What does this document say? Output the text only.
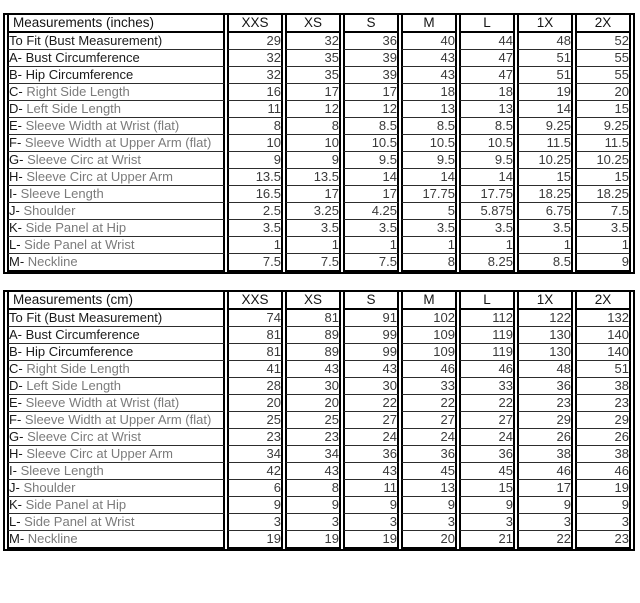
Measurements (inches)	XXS	XS	S	M	L	1X	2X
To Fit (Bust Measurement)	29	32	36	40	44	48	52
A- Bust Circumference	32	35	39	43	47	51	55
B- Hip Circumference	32	35	39	43	47	51	55
C- Right Side Length	16	17	17	18	18	19	20
D- Left Side Length	11	12	12	13	13	14	15
E- Sleeve Width at Wrist (flat)	8	8	8.5	8.5	8.5	9.25	9.25
F- Sleeve Width at Upper Arm (flat)	10	10	10.5	10.5	10.5	11.5	11.5
G- Sleeve Circ at Wrist	9	9	9.5	9.5	9.5	10.25	10.25
H- Sleeve Circ at Upper Arm	13.5	13.5	14	14	14	15	15
I- Sleeve Length	16.5	17	17	17.75	17.75	18.25	18.25
J- Shoulder	2.5	3.25	4.25	5	5.875	6.75	7.5
K- Side Panel at Hip	3.5	3.5	3.5	3.5	3.5	3.5	3.5
L- Side Panel at Wrist	1	1	1	1	1	1	1
M- Neckline	7.5	7.5	7.5	8	8.25	8.5	9
Measurements (cm)	XXS	XS	S	M	L	1X	2X
To Fit (Bust Measurement)	74	81	91	102	112	122	132
A- Bust Circumference	81	89	99	109	119	130	140
B- Hip Circumference	81	89	99	109	119	130	140
C- Right Side Length	41	43	43	46	46	48	51
D- Left Side Length	28	30	30	33	33	36	38
E- Sleeve Width at Wrist (flat)	20	20	22	22	22	23	23
F- Sleeve Width at Upper Arm (flat)	25	25	27	27	27	29	29
G- Sleeve Circ at Wrist	23	23	24	24	24	26	26
H- Sleeve Circ at Upper Arm	34	34	36	36	36	38	38
I- Sleeve Length	42	43	43	45	45	46	46
J- Shoulder	6	8	11	13	15	17	19
K- Side Panel at Hip	9	9	9	9	9	9	9
L- Side Panel at Wrist	3	3	3	3	3	3	3
M- Neckline	19	19	19	20	21	22	23
